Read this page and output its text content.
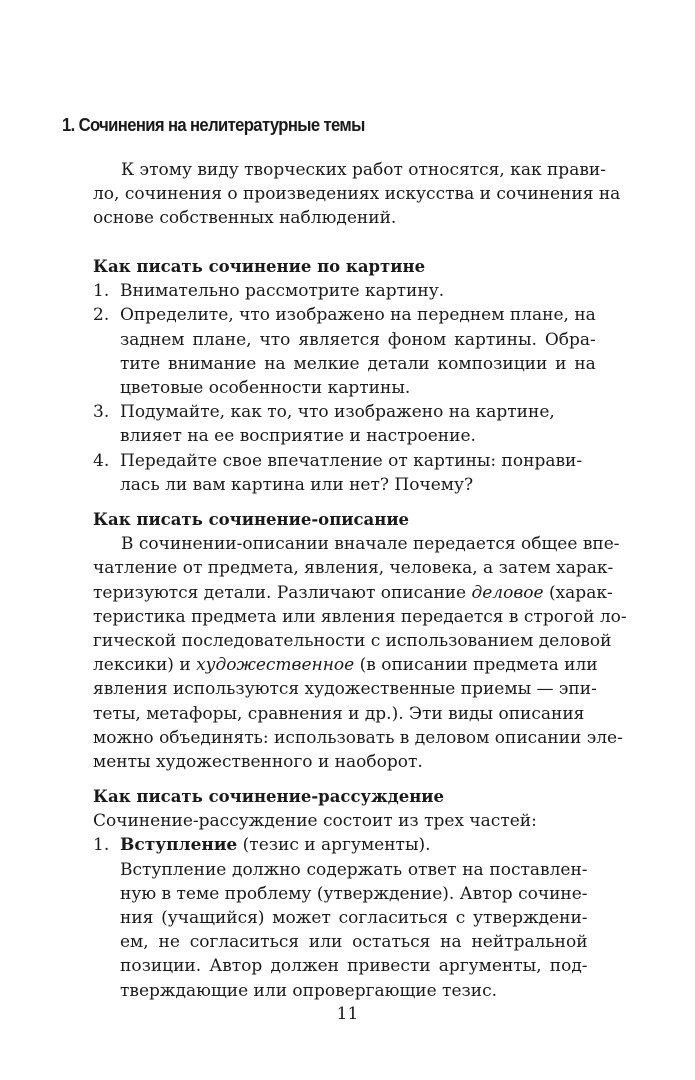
1. Сочинения на нелитературные темы
К этому виду творческих работ относятся, как прави-
ло, сочинения о произведениях искусства и сочинения на
основе собственных наблюдений.
Как писать сочинение по картине
1. Внимательно рассмотрите картину.
2. Определите, что изображено на переднем плане, на
заднем плане, что является фоном картины. Обра-
тите внимание на мелкие детали композиции и на
цветовые особенности картины.
3. Подумайте, как то, что изображено на картине,
влияет на ее восприятие и настроение.
4. Передайте свое впечатление от картины: понрави-
лась ли вам картина или нет? Почему?
Как писать сочинение-описание
В сочинении-описании вначале передается общее впе-
чатление от предмета, явления, человека, а затем харак-
теризуются детали. Различают описание деловое (харак-
теристика предмета или явления передается в строгой ло-
гической последовательности с использованием деловой
лексики) и художественное (в описании предмета или
явления используются художественные приемы — эпи-
теты, метафоры, сравнения и др.). Эти виды описания
можно объединять: использовать в деловом описании эле-
менты художественного и наоборот.
Как писать сочинение-рассуждение
Сочинение-рассуждение состоит из трех частей:
1. Вступление (тезис и аргументы).
Вступление должно содержать ответ на поставлен-
ную в теме проблему (утверждение). Автор сочине-
ния (учащийся) может согласиться с утверждени-
ем, не согласиться или остаться на нейтральной
позиции. Автор должен привести аргументы, под-
тверждающие или опровергающие тезис.
11
